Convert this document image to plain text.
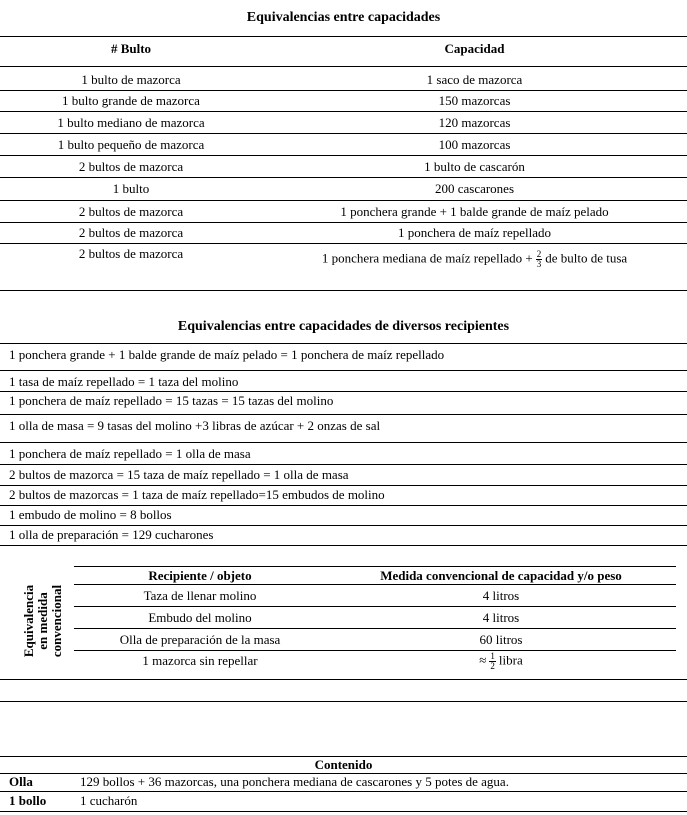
Equivalencias entre capacidades
# Bulto	Capacidad
1 bulto de mazorca	1 saco de mazorca
1 bulto grande de mazorca	150 mazorcas
1 bulto mediano de mazorca	120 mazorcas
1 bulto pequeño de mazorca	100 mazorcas
2 bultos de mazorca	1 bulto de cascarón
1 bulto	200 cascarones
2 bultos de mazorca	1 ponchera grande + 1 balde grande de maíz pelado
2 bultos de mazorca	1 ponchera de maíz repellado
2 bultos de mazorca	1 ponchera mediana de maíz repellado + $\frac{2}{3}$ de bulto de tusa
Equivalencias entre capacidades de diversos recipientes
1 ponchera grande + 1 balde grande de maíz pelado = 1 ponchera de maíz repellado
1 tasa de maíz repellado = 1 taza del molino
1 ponchera de maíz repellado = 15 tazas = 15 tazas del molino
1 olla de masa = 9 tasas del molino +3 libras de azúcar + 2 onzas de sal
1 ponchera de maíz repellado = 1 olla de masa
2 bultos de mazorca = 15 taza de maíz repellado = 1 olla de masa
2 bultos de mazorcas = 1 taza de maíz repellado=15 embudos de molino
1 embudo de molino = 8 bollos
1 olla de preparación = 129 cucharones
Equivalencia en medida convencional
Recipiente / objeto	Medida convencional de capacidad y/o peso
Taza de llenar molino	4 litros
Embudo del molino	4 litros
Olla de preparación de la masa	60 litros
1 mazorca sin repellar	≈ $\frac{1}{2}$ libra
Contenido
Olla	129 bollos + 36 mazorcas, una ponchera mediana de cascarones y 5 potes de agua.
1 bollo	1 cucharón
